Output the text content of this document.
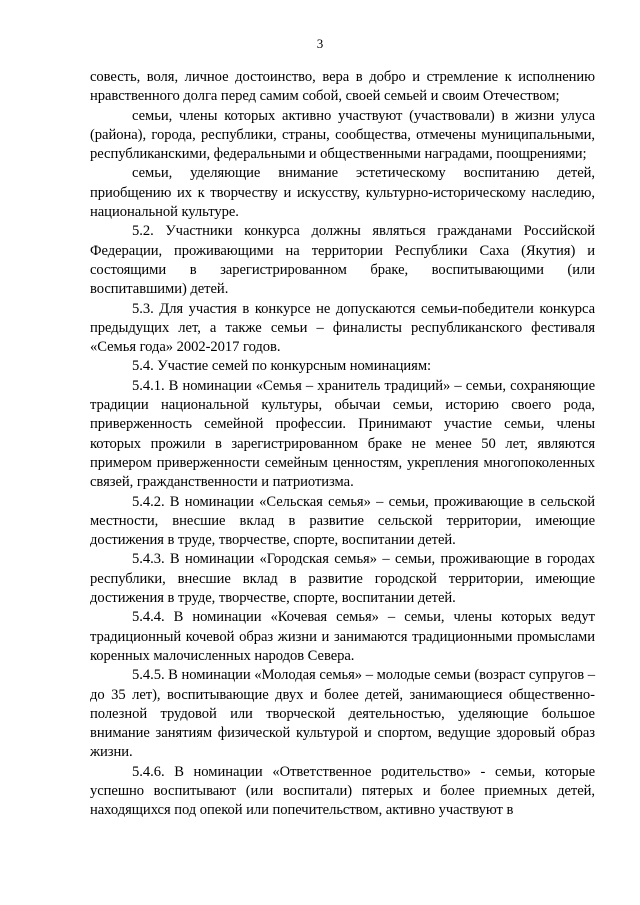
3

совесть, воля, личное достоинство, вера в добро и стремление к исполнению нравственного долга перед самим собой, своей семьей и своим Отечеством;

семьи, члены которых активно участвуют (участвовали) в жизни улуса (района), города, республики, страны, сообщества, отмечены муниципальными, республиканскими, федеральными и общественными наградами, поощрениями;

семьи, уделяющие внимание эстетическому воспитанию детей, приобщению их к творчеству и искусству, культурно-историческому наследию, национальной культуре.

5.2. Участники конкурса должны являться гражданами Российской Федерации, проживающими на территории Республики Саха (Якутия) и состоящими в зарегистрированном браке, воспитывающими (или воспитавшими) детей.

5.3. Для участия в конкурсе не допускаются семьи-победители конкурса предыдущих лет, а также семьи – финалисты республиканского фестиваля «Семья года» 2002-2017 годов.

5.4. Участие семей по конкурсным номинациям:

5.4.1. В номинации «Семья – хранитель традиций» – семьи, сохраняющие традиции национальной культуры, обычаи семьи, историю своего рода, приверженность семейной профессии. Принимают участие семьи, члены которых прожили в зарегистрированном браке не менее 50 лет, являются примером приверженности семейным ценностям, укрепления многопоколенных связей, гражданственности и патриотизма.

5.4.2. В номинации «Сельская семья» – семьи, проживающие в сельской местности, внесшие вклад в развитие сельской территории, имеющие достижения в труде, творчестве, спорте, воспитании детей.

5.4.3. В номинации «Городская семья» – семьи, проживающие в городах республики, внесшие вклад в развитие городской территории, имеющие достижения в труде, творчестве, спорте, воспитании детей.

5.4.4. В номинации «Кочевая семья» – семьи, члены которых ведут традиционный кочевой образ жизни и занимаются традиционными промыслами коренных малочисленных народов Севера.

5.4.5. В номинации «Молодая семья» – молодые семьи (возраст супругов – до 35 лет), воспитывающие двух и более детей, занимающиеся общественно-полезной трудовой или творческой деятельностью, уделяющие большое внимание занятиям физической культурой и спортом, ведущие здоровый образ жизни.

5.4.6. В номинации «Ответственное родительство» - семьи, которые успешно воспитывают (или воспитали) пятерых и более приемных детей, находящихся под опекой или попечительством, активно участвуют в
